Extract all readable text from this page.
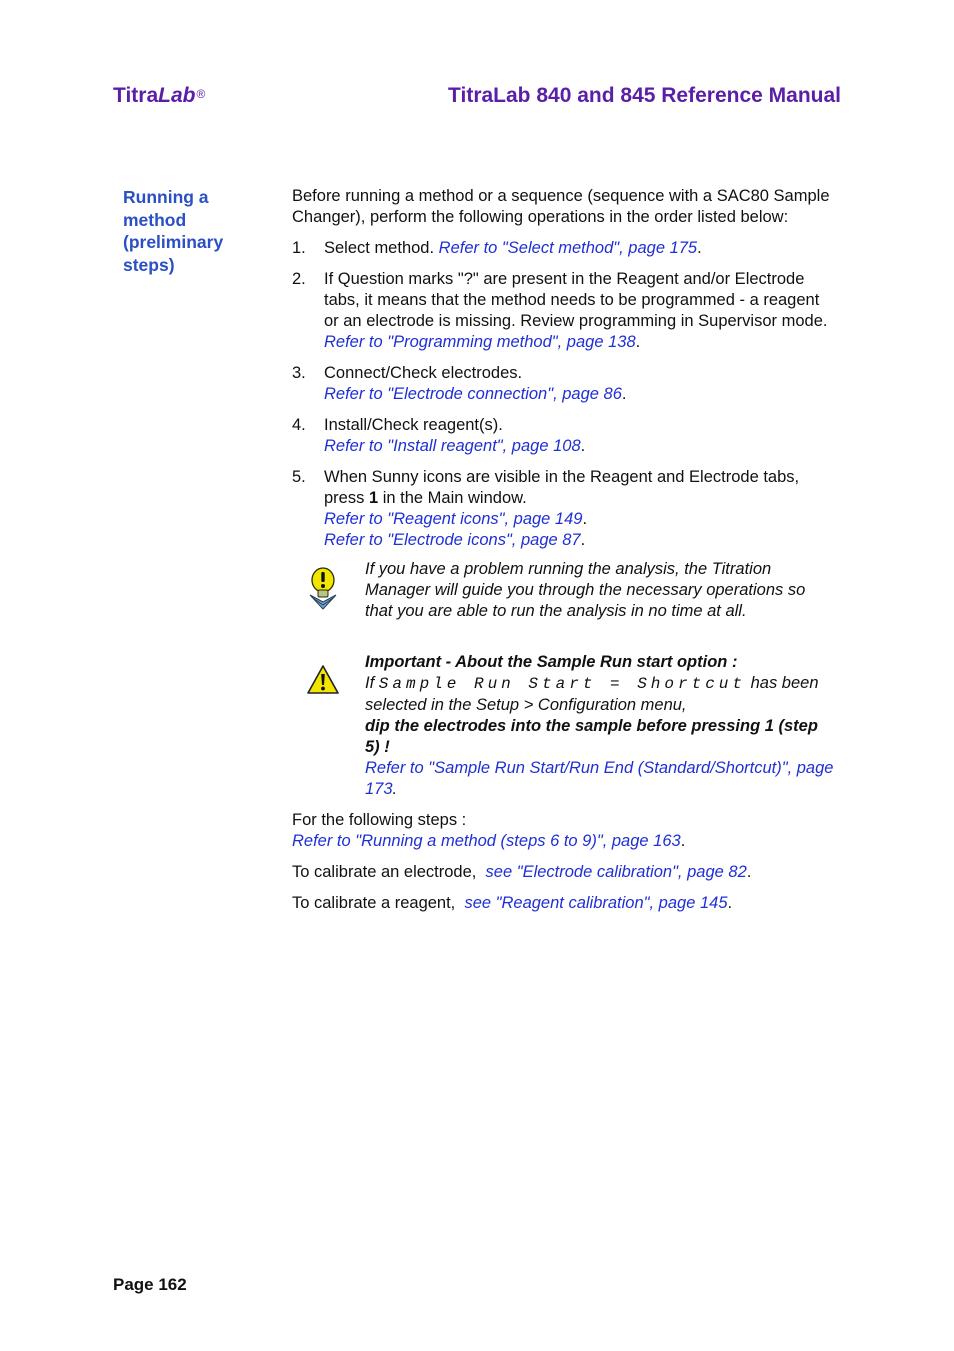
TitraLab®	TitraLab 840 and 845 Reference Manual
Running a method (preliminary steps)

Before running a method or a sequence (sequence with a SAC80 Sample Changer), perform the following operations in the order listed below:

1. Select method. Refer to "Select method", page 175.
2. If Question marks "?" are present in the Reagent and/or Electrode tabs, it means that the method needs to be programmed - a reagent or an electrode is missing. Review programming in Supervisor mode. Refer to "Programming method", page 138.
3. Connect/Check electrodes.
Refer to "Electrode connection", page 86.
4. Install/Check reagent(s).
Refer to "Install reagent", page 108.
5. When Sunny icons are visible in the Reagent and Electrode tabs, press 1 in the Main window.
Refer to "Reagent icons", page 149.
Refer to "Electrode icons", page 87.

If you have a problem running the analysis, the Titration Manager will guide you through the necessary operations so that you are able to run the analysis in no time at all.

Important - About the Sample Run start option :

If Sample Run Start = Shortcut has been selected in the Setup > Configuration menu,

dip the electrodes into the sample before pressing 1 (step 5) !

Refer to "Sample Run Start/Run End (Standard/Shortcut)", page 173.

For the following steps :
Refer to "Running a method (steps 6 to 9)", page 163.

To calibrate an electrode,  see "Electrode calibration", page 82.

To calibrate a reagent,  see "Reagent calibration", page 145.

Page 162
